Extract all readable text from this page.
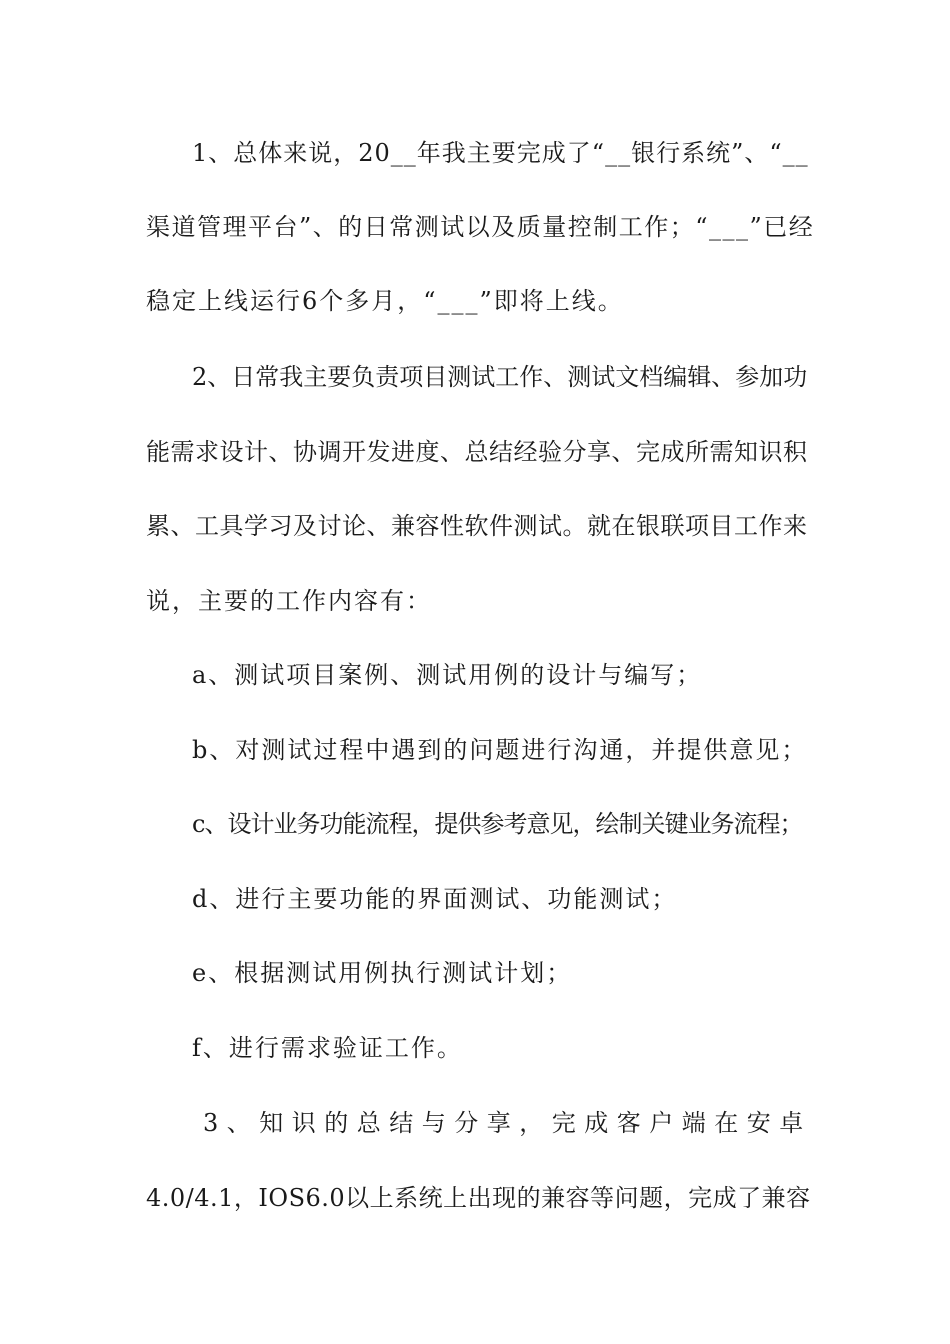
1、总体来说，20__年我主要完成了“__银行系统”、“__
渠道管理平台”、的日常测试以及质量控制工作；“___”已经
稳定上线运行6个多月，“___”即将上线。
2、日常我主要负责项目测试工作、测试文档编辑、参加功
能需求设计、协调开发进度、总结经验分享、完成所需知识积
累、工具学习及讨论、兼容性软件测试。就在银联项目工作来
说，主要的工作内容有：
a、测试项目案例、测试用例的设计与编写；
b、对测试过程中遇到的问题进行沟通，并提供意见；
c、设计业务功能流程，提供参考意见，绘制关键业务流程；
d、进行主要功能的界面测试、功能测试；
e、根据测试用例执行测试计划；
f、进行需求验证工作。
3、知识的总结与分享，完成客户端在安卓
4.0/4.1，IOS6.0以上系统上出现的兼容等问题，完成了兼容
